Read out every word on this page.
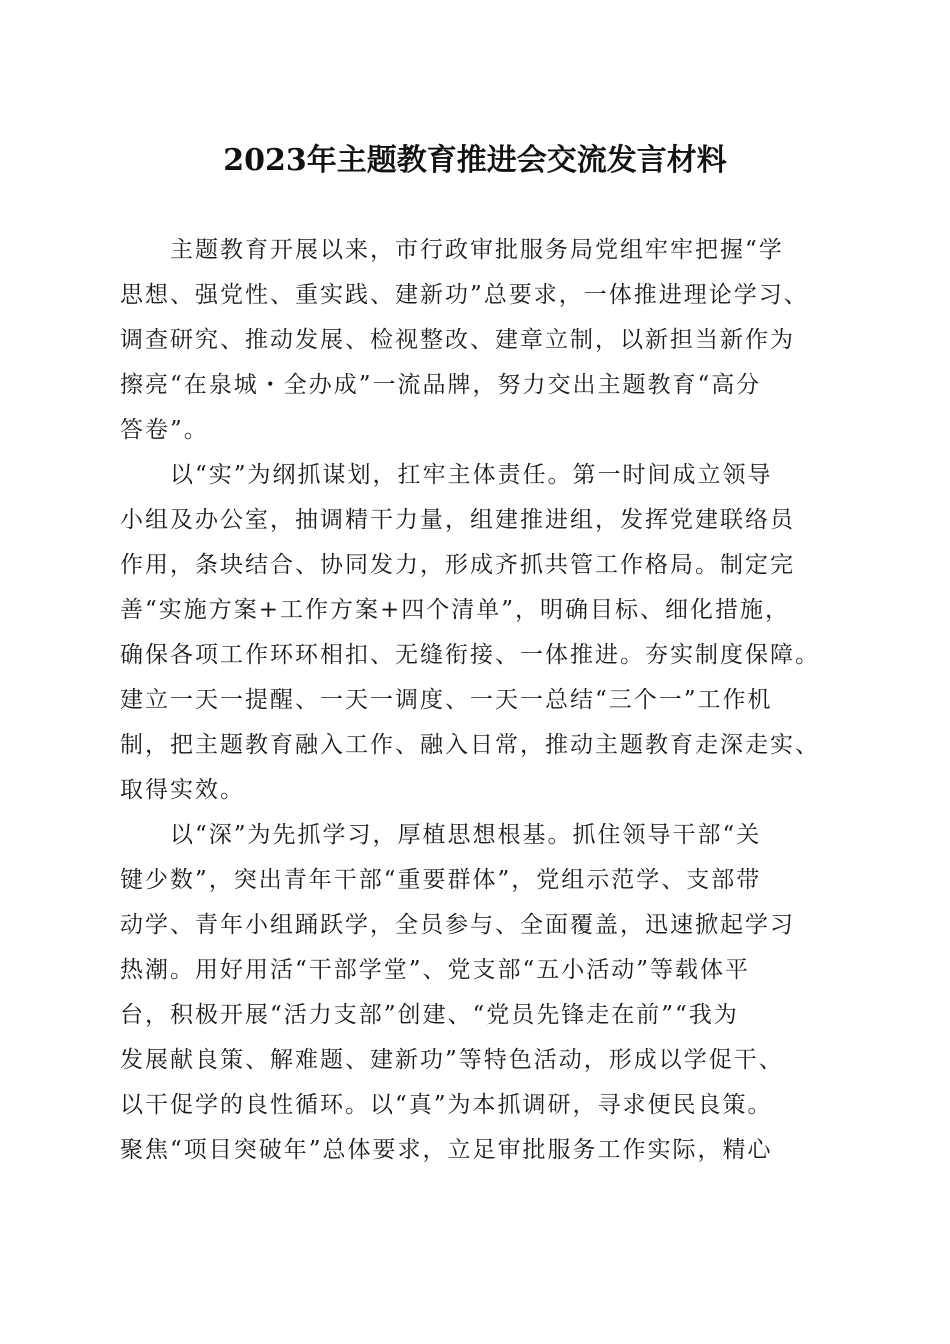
2023年主题教育推进会交流发言材料
主题教育开展以来，市行政审批服务局党组牢牢把握“学
思想、强党性、重实践、建新功”总要求，一体推进理论学习、
调查研究、推动发展、检视整改、建章立制，以新担当新作为
擦亮“在泉城・全办成”一流品牌，努力交出主题教育“高分
答卷”。
以“实”为纲抓谋划，扛牢主体责任。第一时间成立领导
小组及办公室，抽调精干力量，组建推进组，发挥党建联络员
作用，条块结合、协同发力，形成齐抓共管工作格局。制定完
善“实施方案+工作方案+四个清单”，明确目标、细化措施，
确保各项工作环环相扣、无缝衔接、一体推进。夯实制度保障。
建立一天一提醒、一天一调度、一天一总结“三个一”工作机
制，把主题教育融入工作、融入日常，推动主题教育走深走实、
取得实效。
以“深”为先抓学习，厚植思想根基。抓住领导干部“关
键少数”，突出青年干部“重要群体”，党组示范学、支部带
动学、青年小组踊跃学，全员参与、全面覆盖，迅速掀起学习
热潮。用好用活“干部学堂”、党支部“五小活动”等载体平
台，积极开展“活力支部”创建、“党员先锋走在前”“我为
发展献良策、解难题、建新功”等特色活动，形成以学促干、
以干促学的良性循环。以“真”为本抓调研，寻求便民良策。
聚焦“项目突破年”总体要求，立足审批服务工作实际，精心
